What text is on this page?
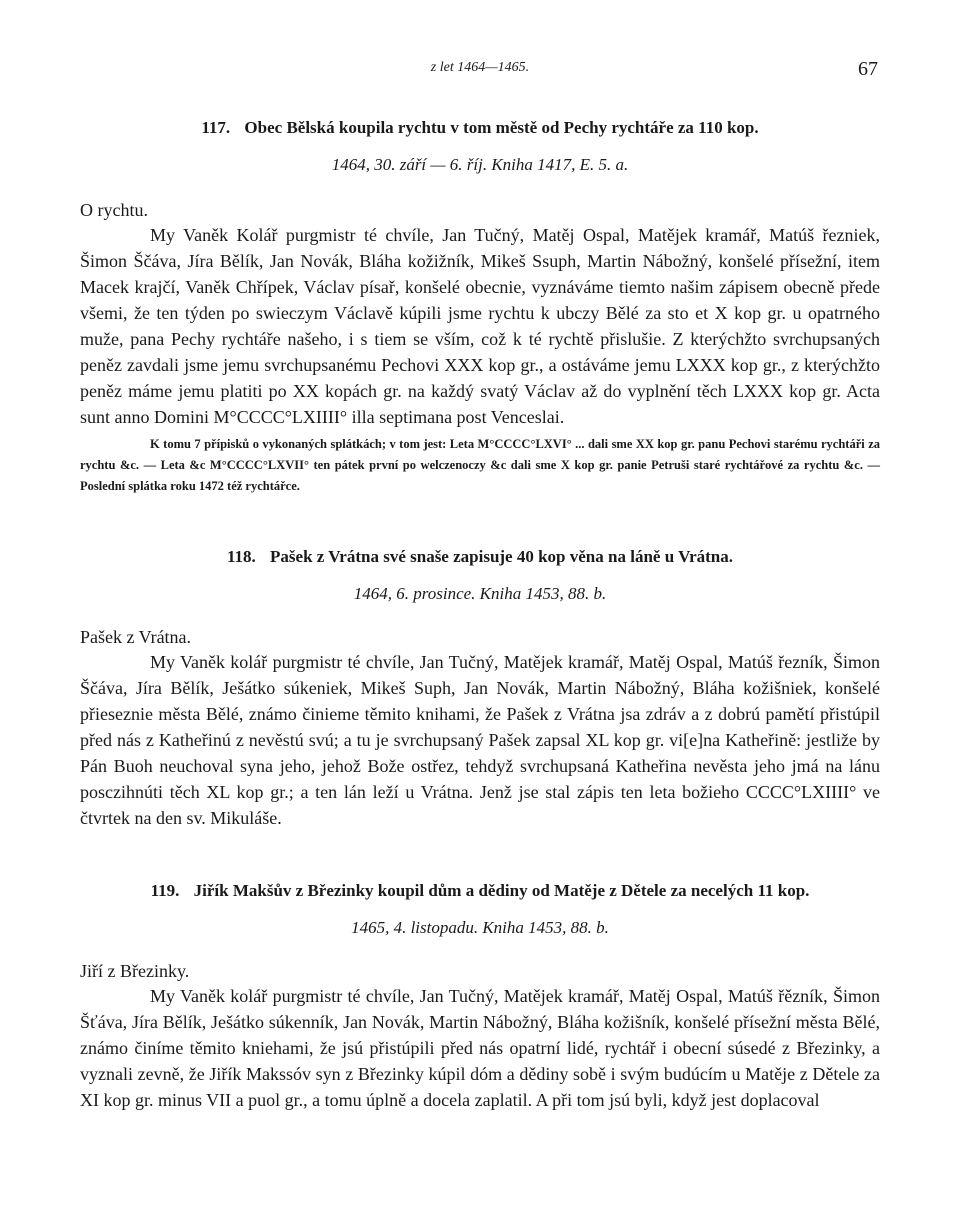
z let 1464—1465.	67
117. Obec Bělská koupila rychtu v tom městě od Pechy rychtáře za 110 kop.
1464, 30. září — 6. říj. Kniha 1417, E. 5. a.
O rychtu.

My Vaněk Kolář purgmistr té chvíle, Jan Tučný, Matěj Ospal, Matějek kramář, Matúš řezniek, Šimon Ščáva, Jíra Bělík, Jan Novák, Bláha kožižník, Mikeš Ssuph, Martin Nábožný, konšelé přísežní, item Macek krajčí, Vaněk Chřípek, Václav písař, konšelé obecnie, vyznáváme tiemto našim zápisem obecně přede všemi, že ten týden po swieczym Václavě kúpili jsme rychtu k ubczy Bělé za sto et X kop gr. u opatrného muže, pana Pechy rychtáře našeho, i s tiem se vším, což k té rychtě přislušie. Z kterýchžto svrchupsaných peněz zavdali jsme jemu svrchupsanému Pechovi XXX kop gr., a ostáváme jemu LXXX kop gr., z kterýchžto peněz máme jemu platiti po XX kopách gr. na každý svatý Václav až do vyplnění těch LXXX kop gr. Acta sunt anno Domini M°CCCC°LXIIII° illa septimana post Venceslai.

K tomu 7 přípisků o vykonaných splátkách; v tom jest: Leta M°CCCC°LXVI° ... dali sme XX kop gr. panu Pechovi starému rychtáři za rychtu &c. — Leta &c M°CCCC°LXVII° ten pátek první po welczenoczy &c dali sme X kop gr. panie Petruši staré rychtářové za rychtu &c. — Poslední splátka roku 1472 též rychtářce.

118. Pašek z Vrátna své snaše zapisuje 40 kop věna na láně u Vrátna.
1464, 6. prosince. Kniha 1453, 88. b.
Pašek z Vrátna.

My Vaněk kolář purgmistr té chvíle, Jan Tučný, Matějek kramář, Matěj Ospal, Matúš řezník, Šimon Ščáva, Jíra Bělík, Ješátko súkeniek, Mikeš Suph, Jan Novák, Martin Nábožný, Bláha kožišniek, konšelé přieseznie města Bělé, známo činieme těmito knihami, že Pašek z Vrátna jsa zdráv a z dobrú pamětí přistúpil před nás z Katheřinú z nevěstú svú; a tu je svrchupsaný Pašek zapsal XL kop gr. vi[e]na Katheřině: jestliže by Pán Buoh neuchoval syna jeho, jehož Bože ostřez, tehdyž svrchupsaná Katheřina nevěsta jeho jmá na lánu posczihnúti těch XL kop gr.; a ten lán leží u Vrátna. Jenž jse stal zápis ten leta božieho CCCC°LXIIII° ve čtvrtek na den sv. Mikuláše.

119. Jiřík Makšův z Březinky koupil dům a dědiny od Matěje z Dětele za necelých 11 kop.
1465, 4. listopadu. Kniha 1453, 88. b.
Jiří z Březinky.

My Vaněk kolář purgmistr té chvíle, Jan Tučný, Matějek kramář, Matěj Ospal, Matúš řězník, Šimon Šťáva, Jíra Bělík, Ješátko súkenník, Jan Novák, Martin Nábožný, Bláha kožišník, konšelé přísežní města Bělé, známo činíme těmito kniehami, že jsú přistúpili před nás opatrní lidé, rychtář i obecní súsedé z Březinky, a vyznali zevně, že Jiřík Makssóv syn z Březinky kúpil dóm a dědiny sobě i svým budúcím u Matěje z Dětele za XI kop gr. minus VII a puol gr., a tomu úplně a docela zaplatil. A při tom jsú byli, když jest doplacoval
